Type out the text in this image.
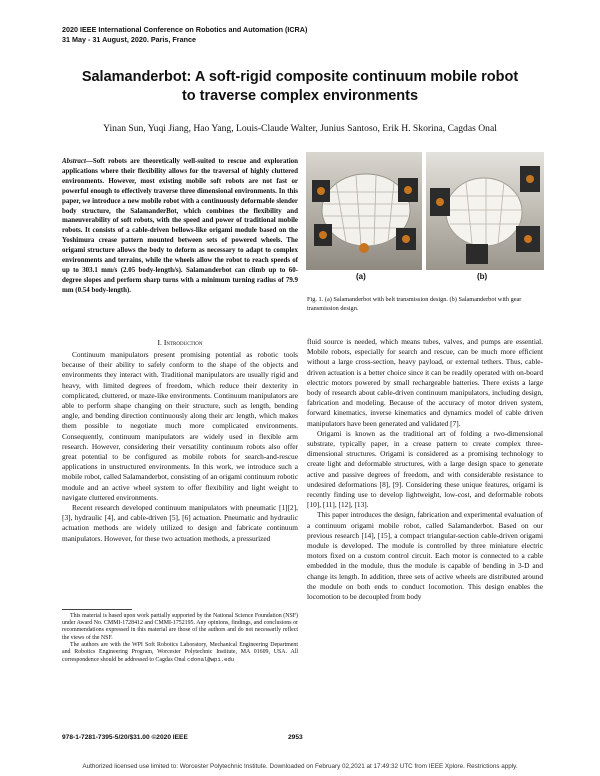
2020 IEEE International Conference on Robotics and Automation (ICRA)
31 May - 31 August, 2020. Paris, France
Salamanderbot: A soft-rigid composite continuum mobile robot
to traverse complex environments
Yinan Sun, Yuqi Jiang, Hao Yang, Louis-Claude Walter, Junius Santoso, Erik H. Skorina, Cagdas Onal
Abstract—Soft robots are theoretically well-suited to rescue and exploration applications where their flexibility allows for the traversal of highly cluttered environments. However, most existing mobile soft robots are not fast or powerful enough to effectively traverse three dimensional environments. In this paper, we introduce a new mobile robot with a continuously deformable slender body structure, the SalamanderBot, which combines the flexibility and maneuverability of soft robots, with the speed and power of traditional mobile robots. It consists of a cable-driven bellows-like origami module based on the Yoshimura crease pattern mounted between sets of powered wheels. The origami structure allows the body to deform as necessary to adapt to complex environments and terrains, while the wheels allow the robot to reach speeds of up to 303.1 mm/s (2.05 body-length/s). Salamanderbot can climb up to 60-degree slopes and perform sharp turns with a minimum turning radius of 79.9 mm (0.54 body-length).
I. Introduction

Continuum manipulators present promising potential as robotic tools because of their ability to safely conform to the shape of the objects and environments they interact with. Traditional manipulators are usually rigid and heavy, with limited degrees of freedom, which reduce their dexterity in complicated, cluttered, or maze-like environments. Continuum manipulators are able to perform shape changing on their structure, such as length, bending angle, and bending direction continuously along their arc length, which makes them possible to negotiate much more complicated environments. Consequently, continuum manipulators are widely used in flexible arm research. However, considering their versatility continuum robots also offer great potential to be configured as mobile robots for search-and-rescue applications in unstructured environments. In this work, we introduce such a mobile robot, called Salamanderbot, consisting of an origami continuum robotic module and an active wheel system to offer flexibility and light weight to navigate cluttered environments.

Recent research developed continuum manipulators with pneumatic [1][2], [3], hydraulic [4], and cable-driven [5], [6] actuation. Pneumatic and hydraulic actuation methods are widely utilized to design and fabricate continuum manipulators. However, for these two actuation methods, a pressurized

This material is based upon work partially supported by the National Science Foundation (NSF) under Award No. CMMI-1728412 and CMMI-1752195. Any opinions, findings, and conclusions or recommendations expressed in this material are those of the authors and do not necessarily reflect the views of the NSF.

The authors are with the WPI Soft Robotics Laboratory, Mechanical Engineering Department and Robotics Engineering Program, Worcester Polytechnic Institute, MA 01609, USA. All correspondence should be addressed to Cagdas Onal cdonal@wpi.edu

(a)	(b)
Fig. 1. (a) Salamanderbot with belt transmission design. (b) Salamanderbot with gear transmission design.

fluid source is needed, which means tubes, valves, and pumps are essential. Mobile robots, especially for search and rescue, can be much more efficient without a large cross-section, heavy payload, or external tethers. Thus, cable-driven actuation is a better choice since it can be readily operated with on-board electric motors powered by small rechargeable batteries. There exists a large body of research about cable-driven continuum manipulators, including design, fabrication and modeling. Because of the accuracy of motor driven system, forward kinematics, inverse kinematics and dynamics model of cable driven manipulators have been generated and validated [7].

Origami is known as the traditional art of folding a two-dimensional substrate, typically paper, in a crease pattern to create complex three-dimensional structures. Origami is considered as a promising technology to create light and deformable structures, with a large design space to generate active and passive degrees of freedom, and with considerable resistance to undesired deformations [8], [9]. Considering these unique features, origami is recently finding use to develop lightweight, low-cost, and deformable robots [10], [11], [12], [13].

This paper introduces the design, fabrication and experimental evaluation of a continuum origami mobile robot, called Salamanderbot. Based on our previous research [14], [15], a compact triangular-section cable-driven origami module is developed. The module is controlled by three miniature electric motors fixed on a custom control circuit. Each motor is connected to a cable embedded in the module, thus the module is capable of bending in 3-D and change its length. In addition, three sets of active wheels are distributed around the module on both ends to conduct locomotion. This design enables the locomotion to be decoupled from body

978-1-7281-7395-5/20/$31.00 ©2020 IEEE	2953
Authorized licensed use limited to: Worcester Polytechnic Institute. Downloaded on February 02,2021 at 17:49:32 UTC from IEEE Xplore. Restrictions apply.
